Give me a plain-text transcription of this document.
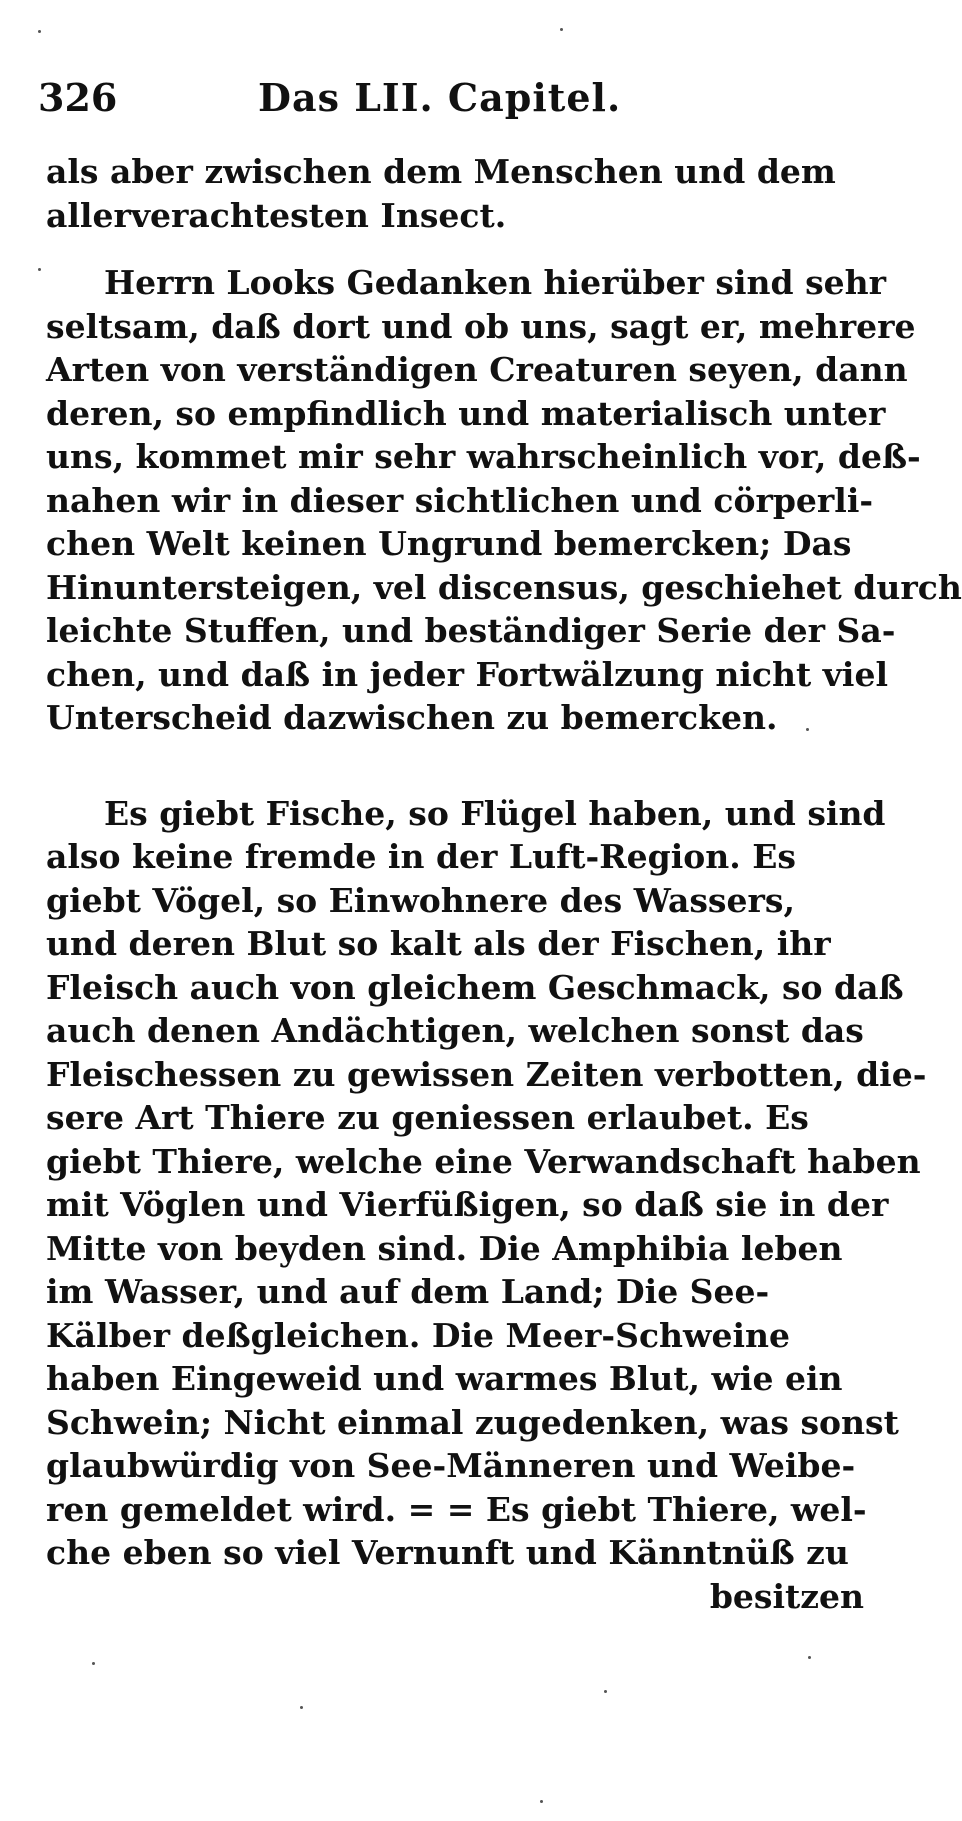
326	Das LII. Capitel.

als aber zwischen dem Menschen und dem
allerverachtesten Insect.

Herrn Looks Gedanken hierüber sind sehr
seltsam, daß dort und ob uns, sagt er, mehrere
Arten von verständigen Creaturen seyen, dann
deren, so empfindlich und materialisch unter
uns, kommet mir sehr wahrscheinlich vor, deß-
nahen wir in dieser sichtlichen und cörperli-
chen Welt keinen Ungrund bemercken; Das
Hinuntersteigen, vel discensus, geschiehet durch
leichte Stuffen, und beständiger Serie der Sa-
chen, und daß in jeder Fortwälzung nicht viel
Unterscheid dazwischen zu bemercken.

Es giebt Fische, so Flügel haben, und sind
also keine fremde in der Luft-Region. Es
giebt Vögel, so Einwohnere des Wassers,
und deren Blut so kalt als der Fischen, ihr
Fleisch auch von gleichem Geschmack, so daß
auch denen Andächtigen, welchen sonst das
Fleischessen zu gewissen Zeiten verbotten, die-
sere Art Thiere zu geniessen erlaubet. Es
giebt Thiere, welche eine Verwandschaft haben
mit Vöglen und Vierfüßigen, so daß sie in der
Mitte von beyden sind. Die Amphibia leben
im Wasser, und auf dem Land; Die See-
Kälber deßgleichen. Die Meer-Schweine
haben Eingeweid und warmes Blut, wie ein
Schwein; Nicht einmal zugedenken, was sonst
glaubwürdig von See-Männeren und Weibe-
ren gemeldet wird. = = Es giebt Thiere, wel-
che eben so viel Vernunft und Känntnüß zu

besitzen
